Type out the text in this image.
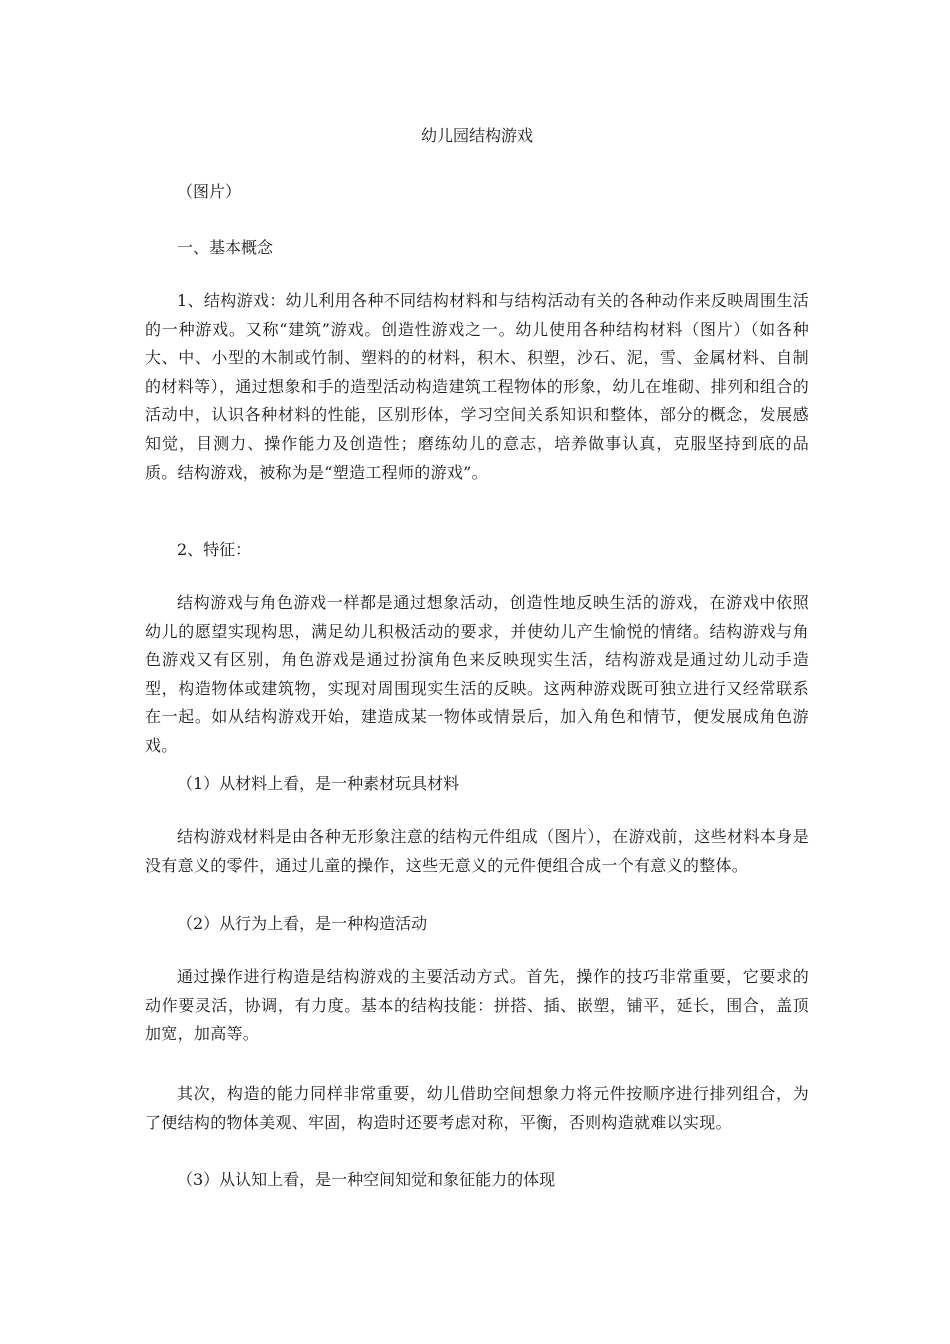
幼儿园结构游戏
（图片）
一、基本概念
1、结构游戏：幼儿利用各种不同结构材料和与结构活动有关的各种动作来反映周围生活的一种游戏。又称“建筑”游戏。创造性游戏之一。幼儿使用各种结构材料（图片）（如各种大、中、小型的木制或竹制、塑料的的材料，积木、积塑，沙石、泥，雪、金属材料、自制的材料等），通过想象和手的造型活动构造建筑工程物体的形象，幼儿在堆砌、排列和组合的活动中，认识各种材料的性能，区别形体，学习空间关系知识和整体，部分的概念，发展感知觉，目测力、操作能力及创造性；磨练幼儿的意志，培养做事认真，克服坚持到底的品质。结构游戏，被称为是“塑造工程师的游戏”。
2、特征：
结构游戏与角色游戏一样都是通过想象活动，创造性地反映生活的游戏，在游戏中依照幼儿的愿望实现构思，满足幼儿积极活动的要求，并使幼儿产生愉悦的情绪。结构游戏与角色游戏又有区别，角色游戏是通过扮演角色来反映现实生活，结构游戏是通过幼儿动手造型，构造物体或建筑物，实现对周围现实生活的反映。这两种游戏既可独立进行又经常联系在一起。如从结构游戏开始，建造成某一物体或情景后，加入角色和情节，便发展成角色游戏。
（1）从材料上看，是一种素材玩具材料
结构游戏材料是由各种无形象注意的结构元件组成（图片），在游戏前，这些材料本身是没有意义的零件，通过儿童的操作，这些无意义的元件便组合成一个有意义的整体。
（2）从行为上看，是一种构造活动
通过操作进行构造是结构游戏的主要活动方式。首先，操作的技巧非常重要，它要求的动作要灵活，协调，有力度。基本的结构技能：拼搭、插、嵌塑，铺平，延长，围合，盖顶加宽，加高等。
其次，构造的能力同样非常重要，幼儿借助空间想象力将元件按顺序进行排列组合，为了便结构的物体美观、牢固，构造时还要考虑对称，平衡，否则构造就难以实现。
（3）从认知上看，是一种空间知觉和象征能力的体现
